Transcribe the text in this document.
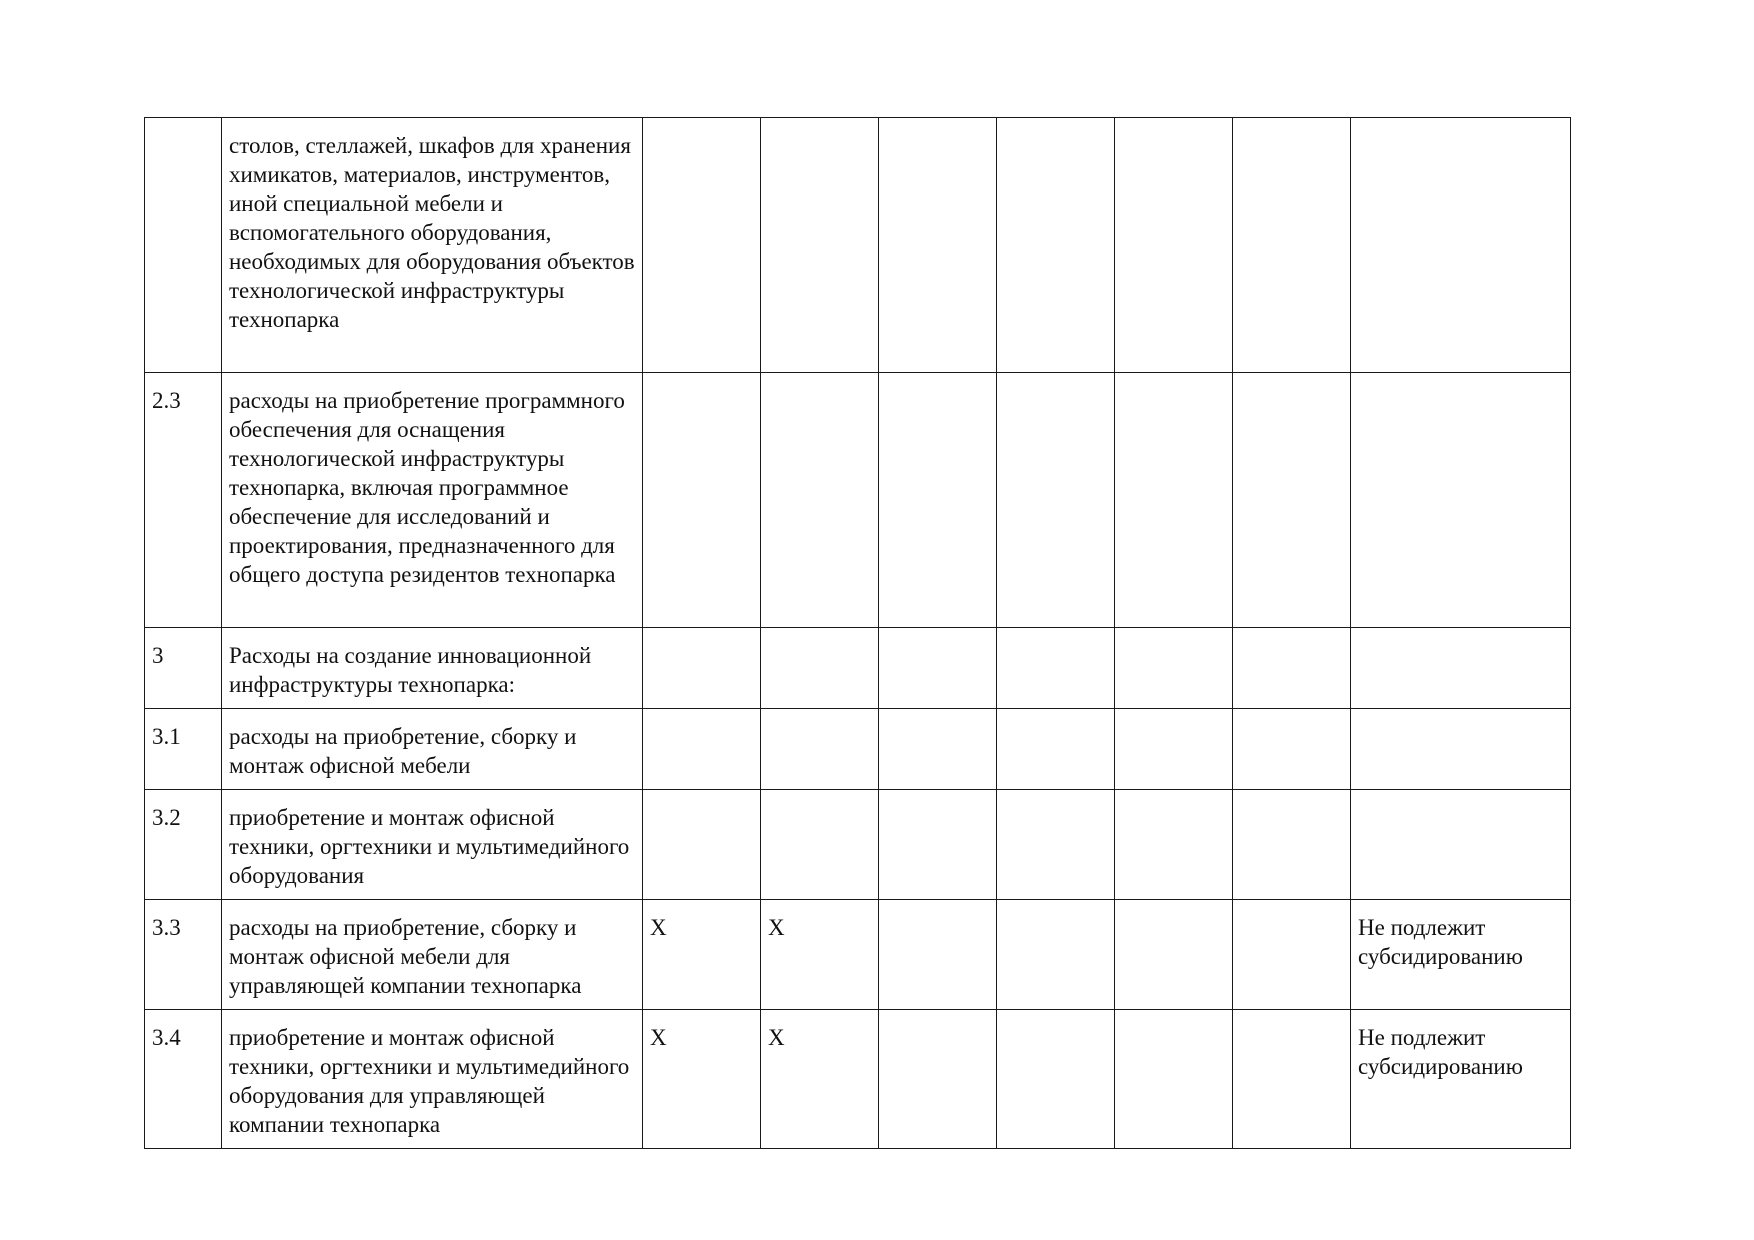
	столов, стеллажей, шкафов для хранения химикатов, материалов, инструментов, иной специальной мебели и вспомогательного оборудования, необходимых для оборудования объектов технологической инфраструктуры технопарка							
2.3	расходы на приобретение программного обеспечения для оснащения технологической инфраструктуры технопарка, включая программное обеспечение для исследований и проектирования, предназначенного для общего доступа резидентов технопарка							
3	Расходы на создание инновационной инфраструктуры технопарка:							
3.1	расходы на приобретение, сборку и монтаж офисной мебели							
3.2	приобретение и монтаж офисной техники, оргтехники и мультимедийного оборудования							
3.3	расходы на приобретение, сборку и монтаж офисной мебели для управляющей компании технопарка	X	X					Не подлежит субсидированию
3.4	приобретение и монтаж офисной техники, оргтехники и мультимедийного оборудования для управляющей компании технопарка	X	X					Не подлежит субсидированию
